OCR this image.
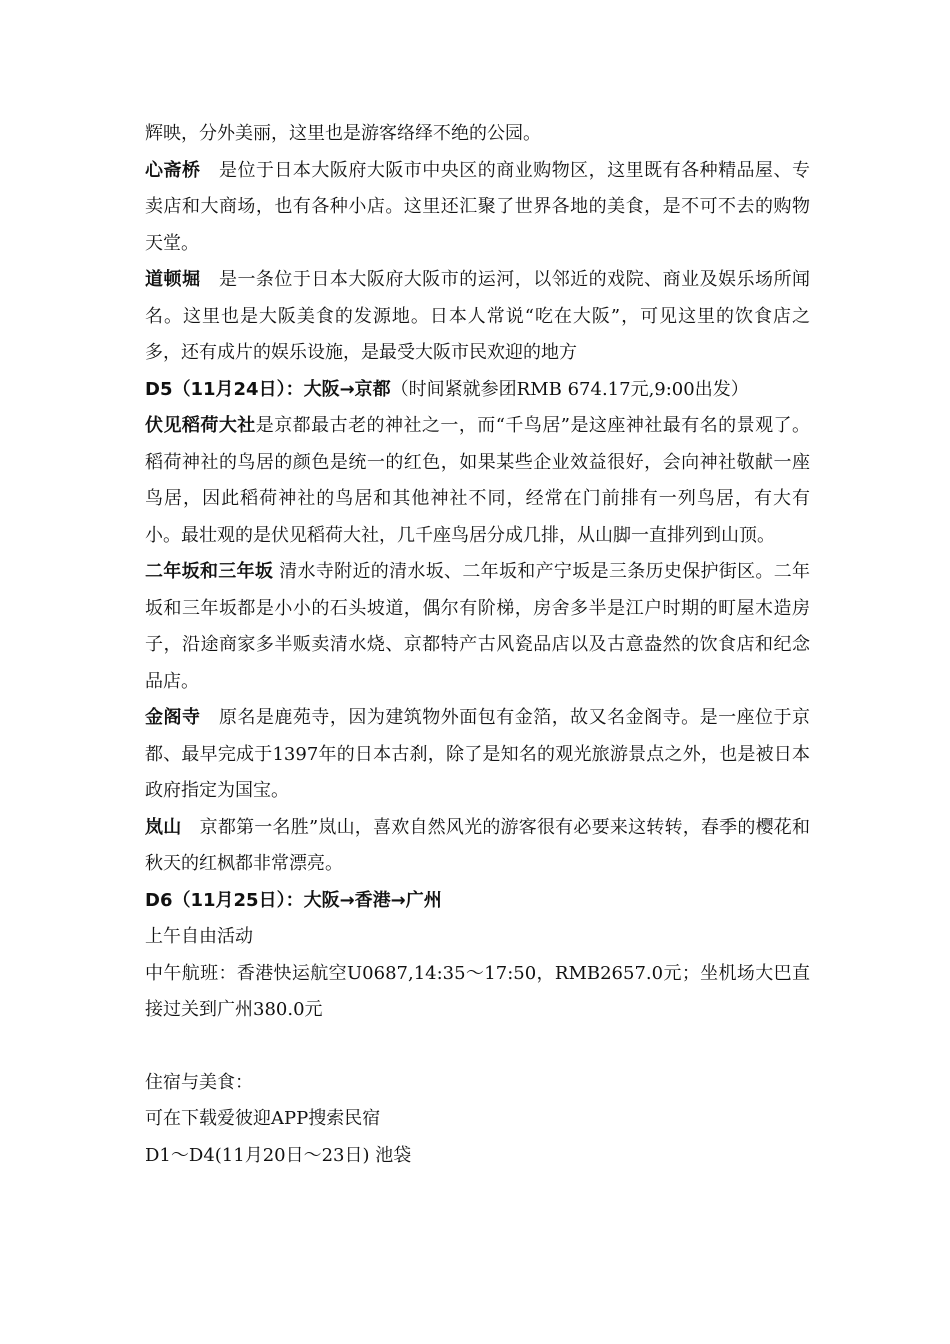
辉映，分外美丽，这里也是游客络绎不绝的公园。

心斋桥　是位于日本大阪府大阪市中央区的商业购物区，这里既有各种精品屋、专卖店和大商场，也有各种小店。这里还汇聚了世界各地的美食，是不可不去的购物天堂。

道顿堀　是一条位于日本大阪府大阪市的运河，以邻近的戏院、商业及娱乐场所闻名。这里也是大阪美食的发源地。日本人常说“吃在大阪”，可见这里的饮食店之多，还有成片的娱乐设施，是最受大阪市民欢迎的地方

D5（11月24日）：大阪→京都（时间紧就参团RMB 674.17元,9:00出发）

伏见稻荷大社是京都最古老的神社之一，而“千鸟居”是这座神社最有名的景观了。稻荷神社的鸟居的颜色是统一的红色，如果某些企业效益很好，会向神社敬献一座鸟居，因此稻荷神社的鸟居和其他神社不同，经常在门前排有一列鸟居，有大有小。最壮观的是伏见稻荷大社，几千座鸟居分成几排，从山脚一直排列到山顶。

二年坂和三年坂 清水寺附近的清水坂、二年坂和产宁坂是三条历史保护街区。二年坂和三年坂都是小小的石头坡道，偶尔有阶梯，房舍多半是江户时期的町屋木造房子，沿途商家多半贩卖清水烧、京都特产古风瓷品店以及古意盎然的饮食店和纪念品店。

金阁寺　原名是鹿苑寺，因为建筑物外面包有金箔，故又名金阁寺。是一座位于京都、最早完成于1397年的日本古刹，除了是知名的观光旅游景点之外，也是被日本政府指定为国宝。

岚山　京都第一名胜”岚山，喜欢自然风光的游客很有必要来这转转，春季的樱花和秋天的红枫都非常漂亮。

D6（11月25日）：大阪→香港→广州

上午自由活动

中午航班：香港快运航空U0687,14:35～17:50，RMB2657.0元；坐机场大巴直接过关到广州380.0元

住宿与美食：

可在下载爱彼迎APP搜索民宿

D1～D4(11月20日～23日) 池袋
